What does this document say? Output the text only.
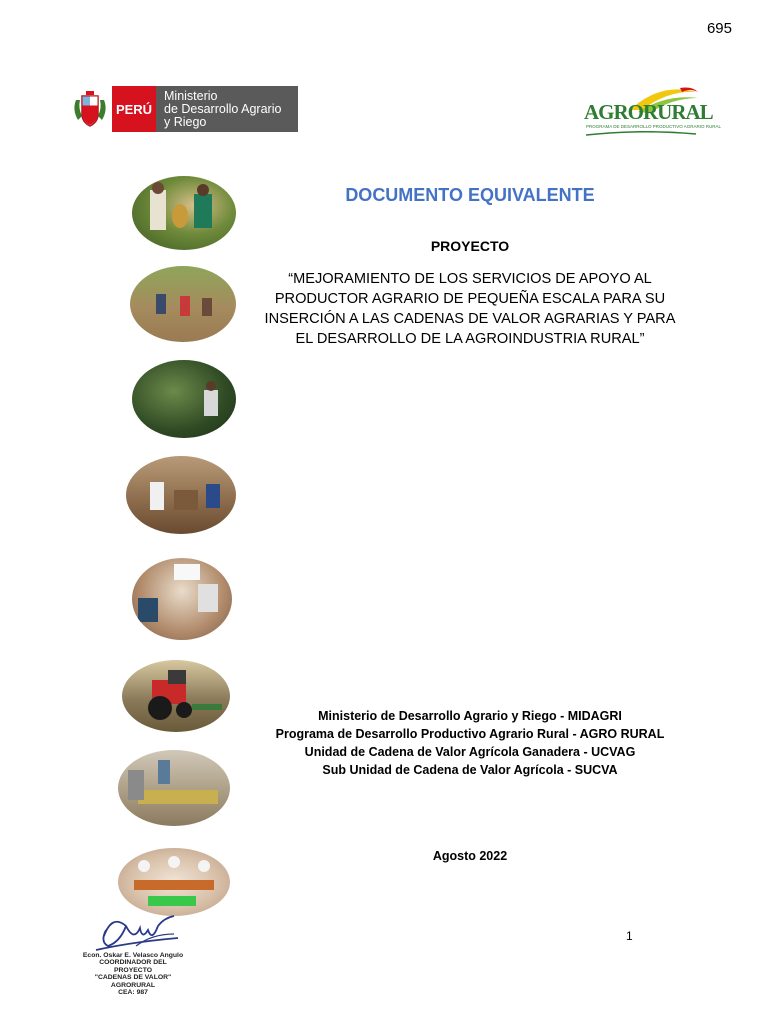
695
PERÚ
Ministerio
de Desarrollo Agrario
y Riego	AGRORURAL
PROGRAMA DE DESARROLLO PRODUCTIVO AGRARIO RURAL
DOCUMENTO EQUIVALENTE
PROYECTO
“MEJORAMIENTO DE LOS SERVICIOS DE APOYO AL PRODUCTOR AGRARIO DE PEQUEÑA ESCALA PARA SU INSERCIÓN A LAS CADENAS DE VALOR AGRARIAS Y PARA EL DESARROLLO DE LA AGROINDUSTRIA RURAL”
Ministerio de Desarrollo Agrario y Riego - MIDAGRI
Programa de Desarrollo Productivo Agrario Rural - AGRO RURAL
Unidad de Cadena de Valor Agrícola Ganadera - UCVAG
Sub Unidad de Cadena de Valor Agrícola - SUCVA
Agosto 2022
1
Econ. Oskar E. Velasco Angulo
COORDINADOR DEL PROYECTO
"CADENAS DE VALOR"
AGRORURAL
CEA: 987
